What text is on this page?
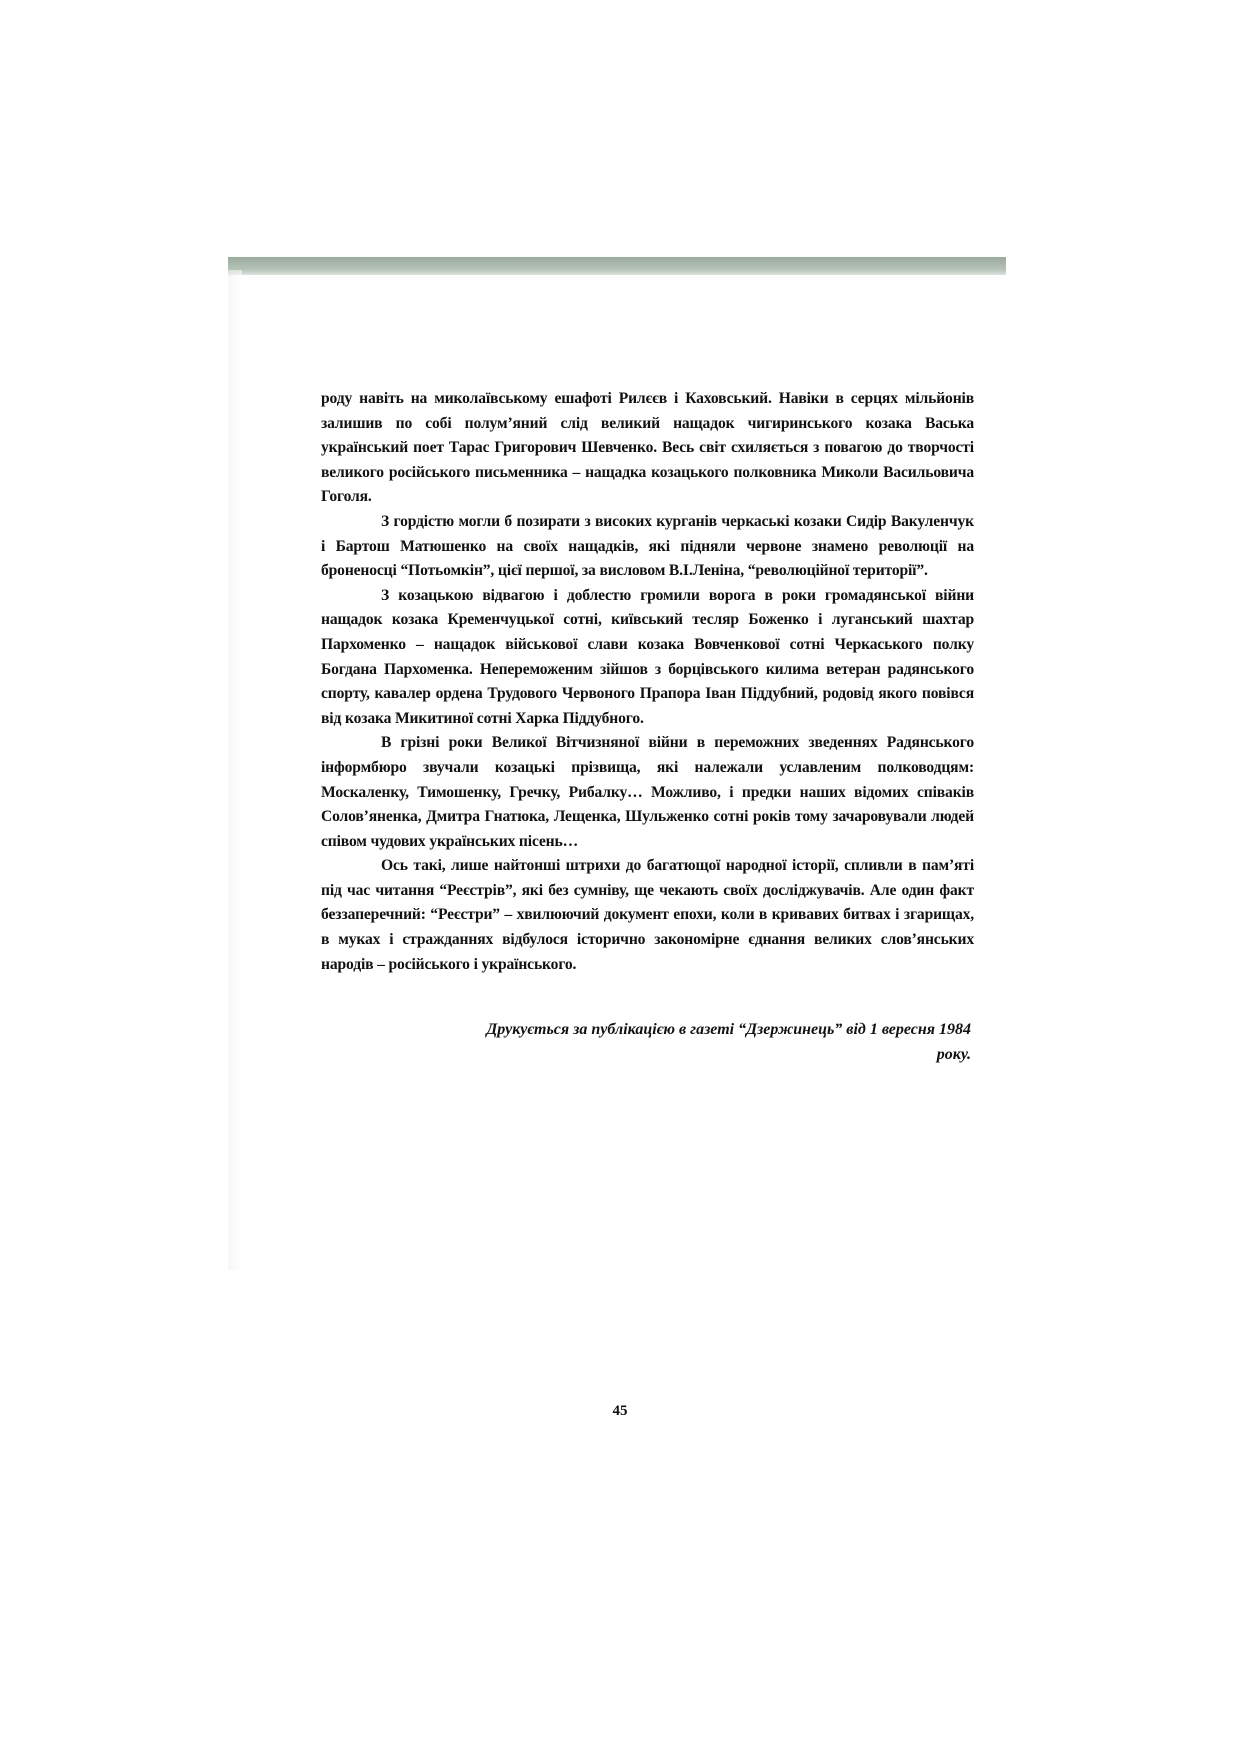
роду навіть на миколаївському ешафоті Рилєєв і Каховський. Навіки в серцях мільйонів залишив по собі полум’яний слід великий нащадок чигиринського козака Васька український поет Тарас Григорович Шевченко. Весь світ схиляється з повагою до творчості великого російського письменника – нащадка козацького полковника Миколи Васильовича Гоголя.

З гордістю могли б позирати з високих курганів черкаські козаки Сидір Вакуленчук і Бартош Матюшенко на своїх нащадків, які підняли червоне знамено революції на броненосці “Потьомкін”, цієї першої, за висловом В.І.Леніна, “революційної території”.

З козацькою відвагою і доблестю громили ворога в роки громадянської війни нащадок козака Кременчуцької сотні, київський тесляр Боженко і луганський шахтар Пархоменко – нащадок військової слави козака Вовченкової сотні Черкаського полку Богдана Пархоменка. Непереможеним зійшов з борцівського килима ветеран радянського спорту, кавалер ордена Трудового Червоного Прапора Іван Піддубний, родовід якого повівся від козака Микитиної сотні Харка Піддубного.

В грізні роки Великої Вітчизняної війни в переможних зведеннях Радянського інформбюро звучали козацькі прізвища, які належали уславленим полководцям: Москаленку, Тимошенку, Гречку, Рибалку… Можливо, і предки наших відомих співаків Солов’яненка, Дмитра Гнатюка, Лещенка, Шульженко сотні років тому зачаровували людей співом чудових українських пісень…

Ось такі, лише найтонші штрихи до багатющої народної історії, спливли в пам’яті під час читання “Реєстрів”, які без сумніву, ще чекають своїх досліджувачів. Але один факт беззаперечний: “Реєстри” – хвилюючий документ епохи, коли в кривавих битвах і згарищах, в муках і стражданнях відбулося історично закономірне єднання великих слов’янських народів – російського і українського.

Друкується за публікацією в газеті “Дзержинець” від 1 вересня 1984 року.
45
